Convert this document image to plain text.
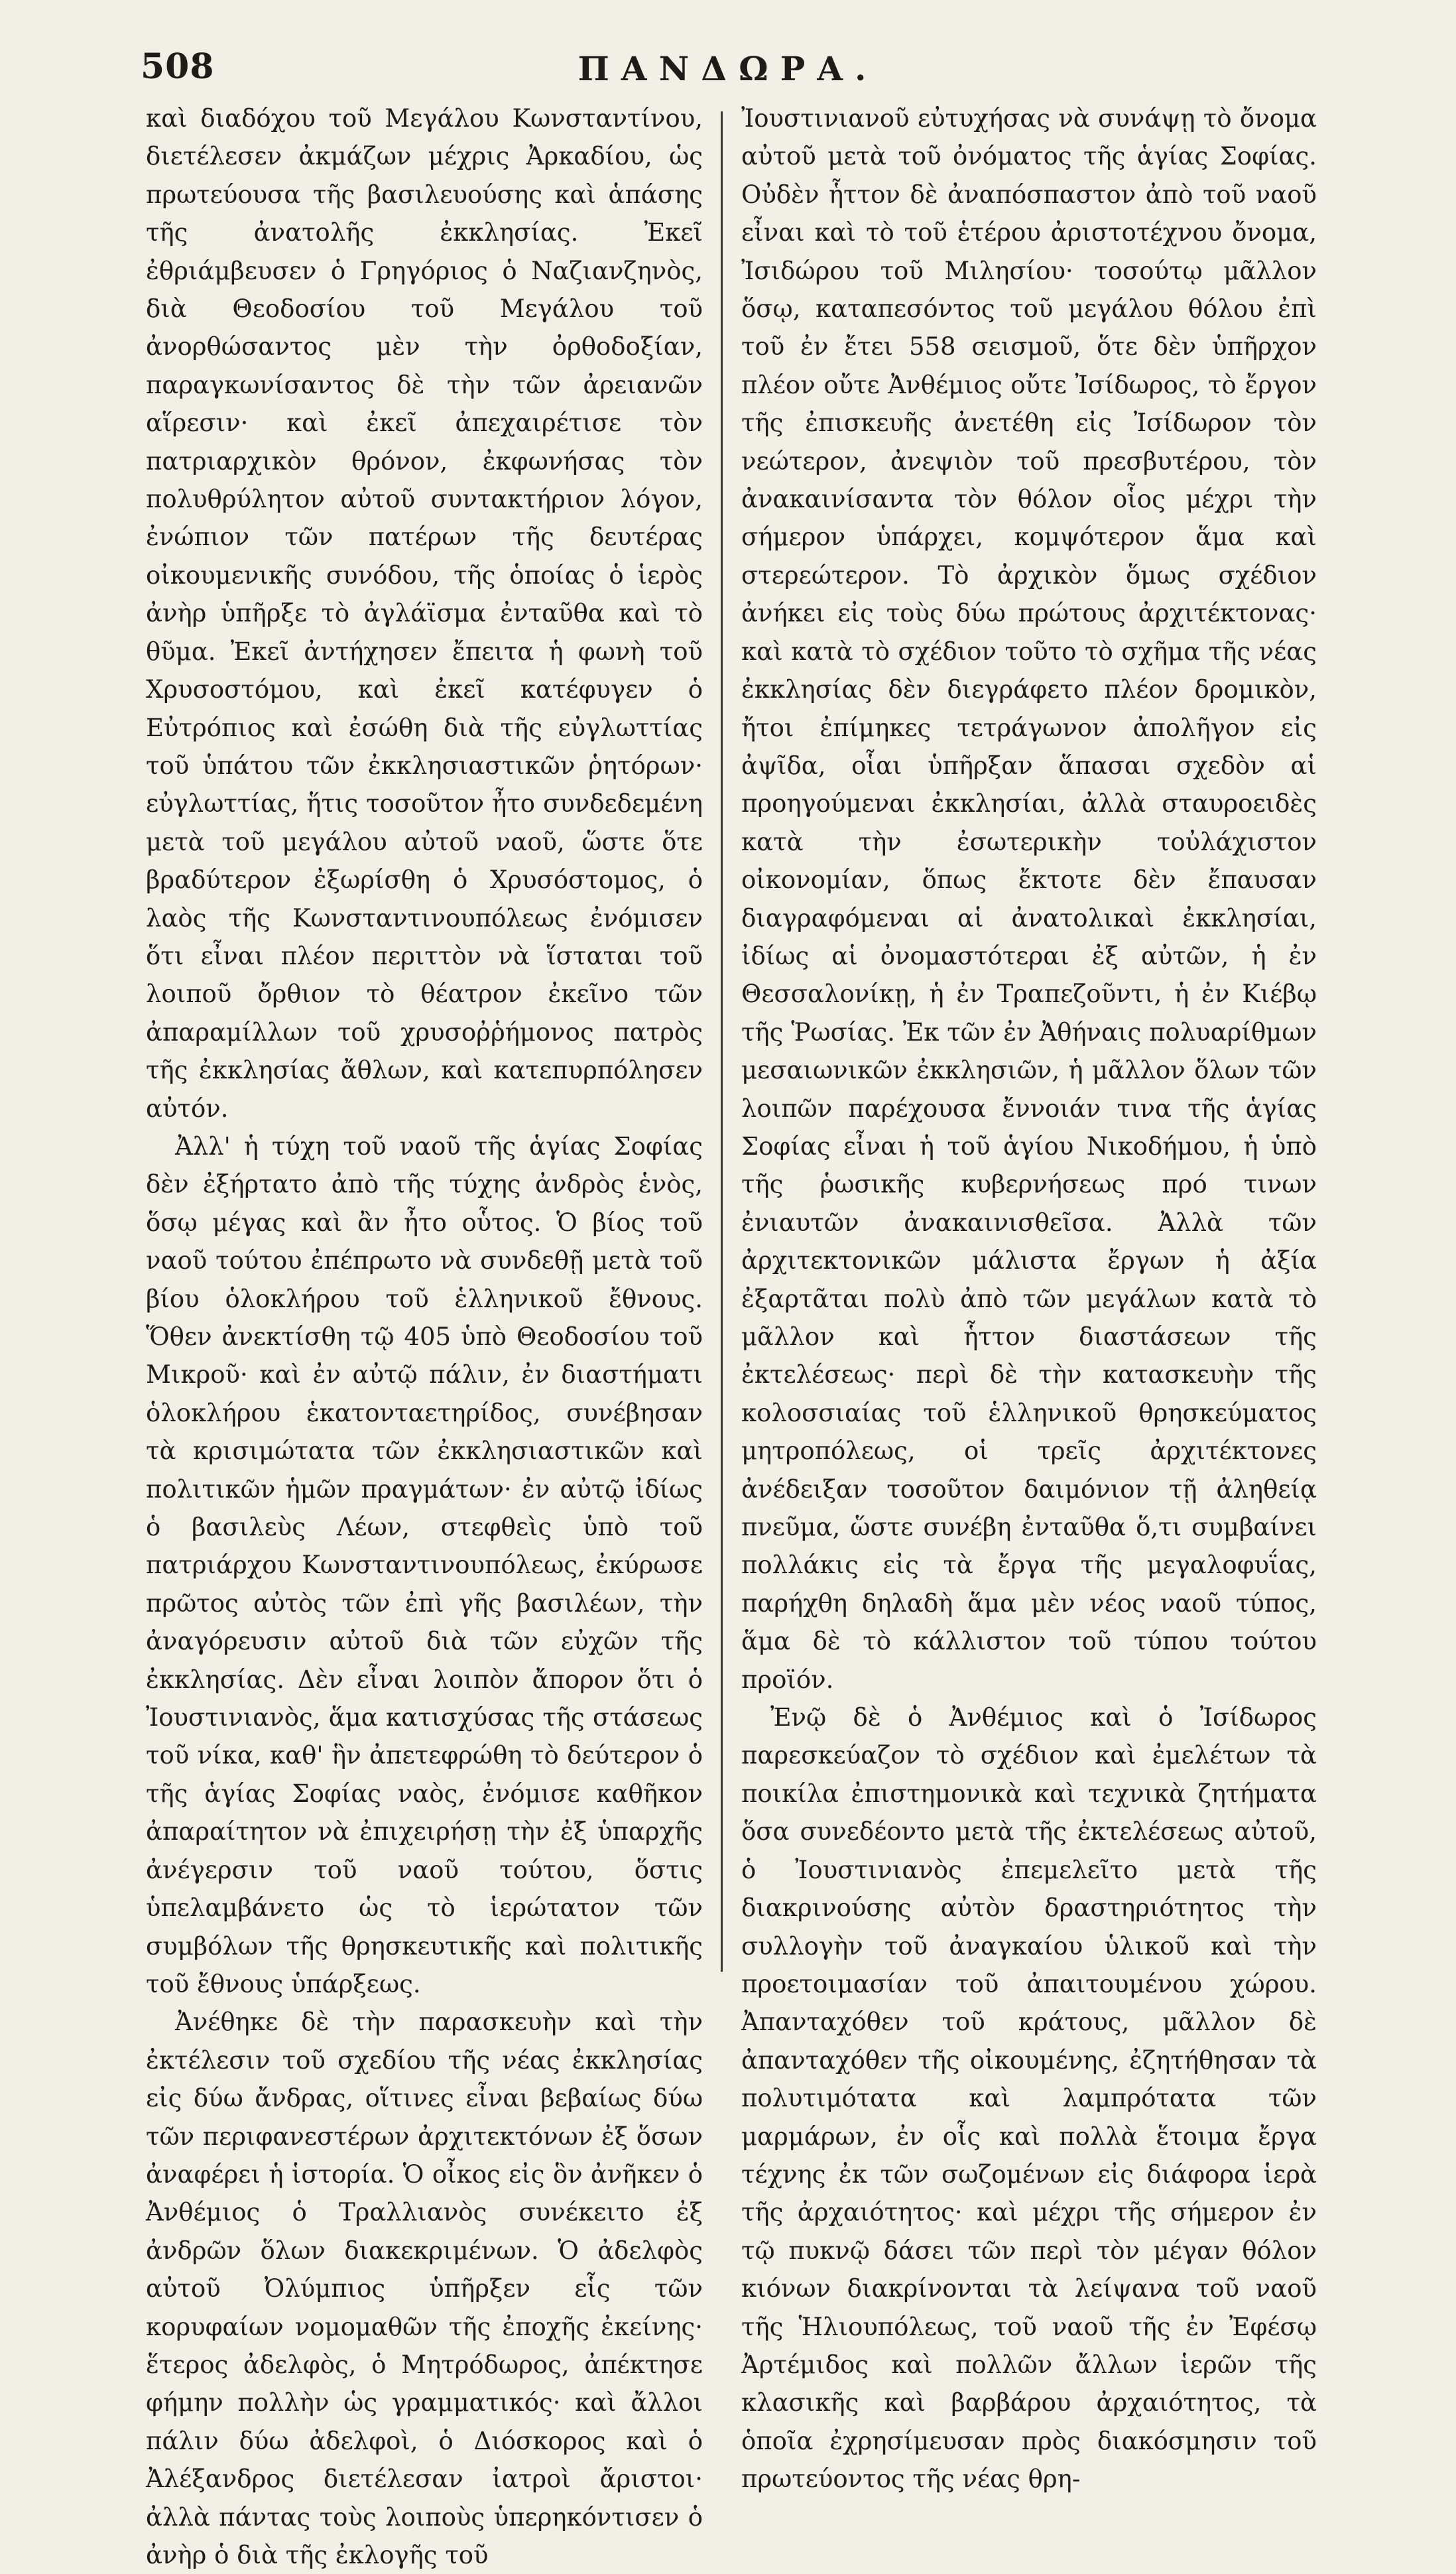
508	ΠΑΝΔΩΡΑ.

καὶ διαδόχου τοῦ Μεγάλου Κωνσταντίνου, διετέλεσεν ἀκμάζων μέχρις Ἀρκαδίου, ὡς πρωτεύουσα τῆς βασιλευούσης καὶ ἁπάσης τῆς ἀνατολῆς ἐκκλησίας. Ἐκεῖ ἐθριάμβευσεν ὁ Γρηγόριος ὁ Ναζιανζηνὸς, διὰ Θεοδοσίου τοῦ Μεγάλου τοῦ ἀνορθώσαντος μὲν τὴν ὀρθοδοξίαν, παραγκωνίσαντος δὲ τὴν τῶν ἀρειανῶν αἵρεσιν· καὶ ἐκεῖ ἀπεχαιρέτισε τὸν πατριαρχικὸν θρόνον, ἐκφωνήσας τὸν πολυθρύλητον αὐτοῦ συντακτήριον λόγον, ἐνώπιον τῶν πατέρων τῆς δευτέρας οἰκουμενικῆς συνόδου, τῆς ὁποίας ὁ ἱερὸς ἀνὴρ ὑπῆρξε τὸ ἀγλάϊσμα ἐνταῦθα καὶ τὸ θῦμα. Ἐκεῖ ἀντήχησεν ἔπειτα ἡ φωνὴ τοῦ Χρυσοστόμου, καὶ ἐκεῖ κατέφυγεν ὁ Εὐτρόπιος καὶ ἐσώθη διὰ τῆς εὐγλωττίας τοῦ ὑπάτου τῶν ἐκκλησιαστικῶν ῥητόρων· εὐγλωττίας, ἥτις τοσοῦτον ἦτο συνδεδεμένη μετὰ τοῦ μεγάλου αὐτοῦ ναοῦ, ὥστε ὅτε βραδύτερον ἐξωρίσθη ὁ Χρυσόστομος, ὁ λαὸς τῆς Κωνσταντινουπόλεως ἐνόμισεν ὅτι εἶναι πλέον περιττὸν νὰ ἵσταται τοῦ λοιποῦ ὄρθιον τὸ θέατρον ἐκεῖνο τῶν ἀπαραμίλλων τοῦ χρυσοῤῥήμονος πατρὸς τῆς ἐκκλησίας ἄθλων, καὶ κατεπυρπόλησεν αὐτόν.

Ἀλλ' ἡ τύχη τοῦ ναοῦ τῆς ἁγίας Σοφίας δὲν ἐξήρτατο ἀπὸ τῆς τύχης ἀνδρὸς ἑνὸς, ὅσῳ μέγας καὶ ἂν ἦτο οὗτος. Ὁ βίος τοῦ ναοῦ τούτου ἐπέπρωτο νὰ συνδεθῇ μετὰ τοῦ βίου ὁλοκλήρου τοῦ ἑλληνικοῦ ἔθνους. Ὅθεν ἀνεκτίσθη τῷ 405 ὑπὸ Θεοδοσίου τοῦ Μικροῦ· καὶ ἐν αὐτῷ πάλιν, ἐν διαστήματι ὁλοκλήρου ἑκατονταετηρίδος, συνέβησαν τὰ κρισιμώτατα τῶν ἐκκλησιαστικῶν καὶ πολιτικῶν ἡμῶν πραγμάτων· ἐν αὐτῷ ἰδίως ὁ βασιλεὺς Λέων, στεφθεὶς ὑπὸ τοῦ πατριάρχου Κωνσταντινουπόλεως, ἐκύρωσε πρῶτος αὐτὸς τῶν ἐπὶ γῆς βασιλέων, τὴν ἀναγόρευσιν αὐτοῦ διὰ τῶν εὐχῶν τῆς ἐκκλησίας. Δὲν εἶναι λοιπὸν ἄπορον ὅτι ὁ Ἰουστινιανὸς, ἅμα κατισχύσας τῆς στάσεως τοῦ νίκα, καθ' ἣν ἀπετεφρώθη τὸ δεύτερον ὁ τῆς ἁγίας Σοφίας ναὸς, ἐνόμισε καθῆκον ἀπαραίτητον νὰ ἐπιχειρήσῃ τὴν ἐξ ὑπαρχῆς ἀνέγερσιν τοῦ ναοῦ τούτου, ὅστις ὑπελαμβάνετο ὡς τὸ ἱερώτατον τῶν συμβόλων τῆς θρησκευτικῆς καὶ πολιτικῆς τοῦ ἔθνους ὑπάρξεως.

Ἀνέθηκε δὲ τὴν παρασκευὴν καὶ τὴν ἐκτέλεσιν τοῦ σχεδίου τῆς νέας ἐκκλησίας εἰς δύω ἄνδρας, οἵτινες εἶναι βεβαίως δύω τῶν περιφανεστέρων ἀρχιτεκτόνων ἐξ ὅσων ἀναφέρει ἡ ἱστορία. Ὁ οἶκος εἰς ὃν ἀνῆκεν ὁ Ἀνθέμιος ὁ Τραλλιανὸς συνέκειτο ἐξ ἀνδρῶν ὅλων διακεκριμένων. Ὁ ἀδελφὸς αὐτοῦ Ὀλύμπιος ὑπῆρξεν εἷς τῶν κορυφαίων νομομαθῶν τῆς ἐποχῆς ἐκείνης· ἕτερος ἀδελφὸς, ὁ Μητρόδωρος, ἀπέκτησε φήμην πολλὴν ὡς γραμματικός· καὶ ἄλλοι πάλιν δύω ἀδελφοὶ, ὁ Διόσκορος καὶ ὁ Ἀλέξανδρος διετέλεσαν ἰατροὶ ἄριστοι· ἀλλὰ πάντας τοὺς λοιποὺς ὑπερηκόντισεν ὁ ἀνὴρ ὁ διὰ τῆς ἐκλογῆς τοῦ

Ἰουστινιανοῦ εὐτυχήσας νὰ συνάψῃ τὸ ὄνομα αὐτοῦ μετὰ τοῦ ὀνόματος τῆς ἁγίας Σοφίας. Οὐδὲν ἧττον δὲ ἀναπόσπαστον ἀπὸ τοῦ ναοῦ εἶναι καὶ τὸ τοῦ ἑτέρου ἀριστοτέχνου ὄνομα, Ἰσιδώρου τοῦ Μιλησίου· τοσούτῳ μᾶλλον ὅσῳ, καταπεσόντος τοῦ μεγάλου θόλου ἐπὶ τοῦ ἐν ἔτει 558 σεισμοῦ, ὅτε δὲν ὑπῆρχον πλέον οὔτε Ἀνθέμιος οὔτε Ἰσίδωρος, τὸ ἔργον τῆς ἐπισκευῆς ἀνετέθη εἰς Ἰσίδωρον τὸν νεώτερον, ἀνεψιὸν τοῦ πρεσβυτέρου, τὸν ἀνακαινίσαντα τὸν θόλον οἷος μέχρι τὴν σήμερον ὑπάρχει, κομψότερον ἅμα καὶ στερεώτερον. Τὸ ἀρχικὸν ὅμως σχέδιον ἀνήκει εἰς τοὺς δύω πρώτους ἀρχιτέκτονας· καὶ κατὰ τὸ σχέδιον τοῦτο τὸ σχῆμα τῆς νέας ἐκκλησίας δὲν διεγράφετο πλέον δρομικὸν, ἤτοι ἐπίμηκες τετράγωνον ἀπολῆγον εἰς ἀψῖδα, οἷαι ὑπῆρξαν ἅπασαι σχεδὸν αἱ προηγούμεναι ἐκκλησίαι, ἀλλὰ σταυροειδὲς κατὰ τὴν ἐσωτερικὴν τοὐλάχιστον οἰκονομίαν, ὅπως ἔκτοτε δὲν ἔπαυσαν διαγραφόμεναι αἱ ἀνατολικαὶ ἐκκλησίαι, ἰδίως αἱ ὀνομαστότεραι ἐξ αὐτῶν, ἡ ἐν Θεσσαλονίκῃ, ἡ ἐν Τραπεζοῦντι, ἡ ἐν Κιέβῳ τῆς Ῥωσίας. Ἐκ τῶν ἐν Ἀθήναις πολυαρίθμων μεσαιωνικῶν ἐκκλησιῶν, ἡ μᾶλλον ὅλων τῶν λοιπῶν παρέχουσα ἔννοιάν τινα τῆς ἁγίας Σοφίας εἶναι ἡ τοῦ ἁγίου Νικοδήμου, ἡ ὑπὸ τῆς ῥωσικῆς κυβερνήσεως πρό τινων ἐνιαυτῶν ἀνακαινισθεῖσα. Ἀλλὰ τῶν ἀρχιτεκτονικῶν μάλιστα ἔργων ἡ ἀξία ἐξαρτᾶται πολὺ ἀπὸ τῶν μεγάλων κατὰ τὸ μᾶλλον καὶ ἧττον διαστάσεων τῆς ἐκτελέσεως· περὶ δὲ τὴν κατασκευὴν τῆς κολοσσιαίας τοῦ ἑλληνικοῦ θρησκεύματος μητροπόλεως, οἱ τρεῖς ἀρχιτέκτονες ἀνέδειξαν τοσοῦτον δαιμόνιον τῇ ἀληθείᾳ πνεῦμα, ὥστε συνέβη ἐνταῦθα ὅ,τι συμβαίνει πολλάκις εἰς τὰ ἔργα τῆς μεγαλοφυΐας, παρήχθη δηλαδὴ ἅμα μὲν νέος ναοῦ τύπος, ἅμα δὲ τὸ κάλλιστον τοῦ τύπου τούτου προϊόν.

Ἐνῷ δὲ ὁ Ἀνθέμιος καὶ ὁ Ἰσίδωρος παρεσκεύαζον τὸ σχέδιον καὶ ἐμελέτων τὰ ποικίλα ἐπιστημονικὰ καὶ τεχνικὰ ζητήματα ὅσα συνεδέοντο μετὰ τῆς ἐκτελέσεως αὐτοῦ, ὁ Ἰουστινιανὸς ἐπεμελεῖτο μετὰ τῆς διακρινούσης αὐτὸν δραστηριότητος τὴν συλλογὴν τοῦ ἀναγκαίου ὑλικοῦ καὶ τὴν προετοιμασίαν τοῦ ἀπαιτουμένου χώρου. Ἀπανταχόθεν τοῦ κράτους, μᾶλλον δὲ ἀπανταχόθεν τῆς οἰκουμένης, ἐζητήθησαν τὰ πολυτιμότατα καὶ λαμπρότατα τῶν μαρμάρων, ἐν οἷς καὶ πολλὰ ἕτοιμα ἔργα τέχνης ἐκ τῶν σωζομένων εἰς διάφορα ἱερὰ τῆς ἀρχαιότητος· καὶ μέχρι τῆς σήμερον ἐν τῷ πυκνῷ δάσει τῶν περὶ τὸν μέγαν θόλον κιόνων διακρίνονται τὰ λείψανα τοῦ ναοῦ τῆς Ἡλιουπόλεως, τοῦ ναοῦ τῆς ἐν Ἐφέσῳ Ἀρτέμιδος καὶ πολλῶν ἄλλων ἱερῶν τῆς κλασικῆς καὶ βαρβάρου ἀρχαιότητος, τὰ ὁποῖα ἐχρησίμευσαν πρὸς διακόσμησιν τοῦ πρωτεύοντος τῆς νέας θρη-
